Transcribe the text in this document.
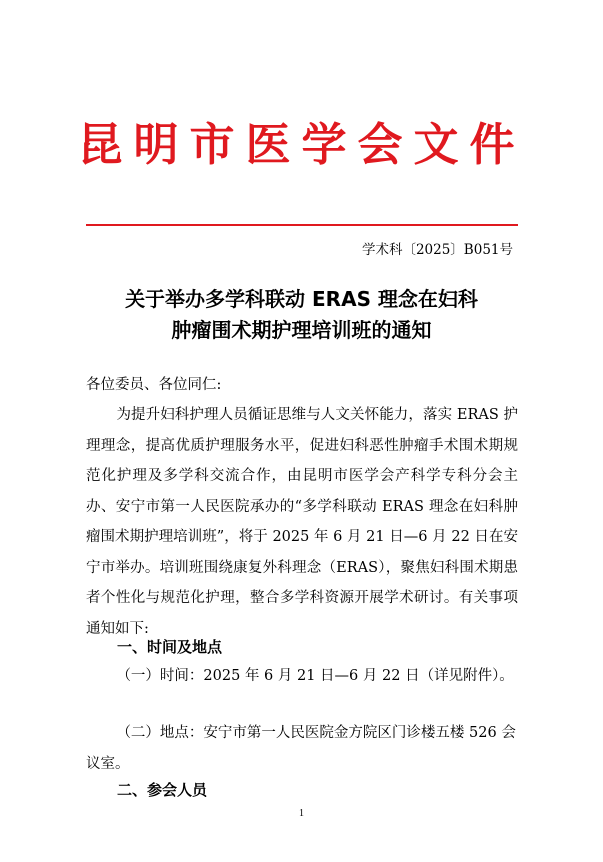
昆明市医学会文件
学术科〔2025〕B051号
关于举办多学科联动 ERAS 理念在妇科
肿瘤围术期护理培训班的通知
各位委员、各位同仁:
为提升妇科护理人员循证思维与人文关怀能力，落实 ERAS 护理理念，提高优质护理服务水平，促进妇科恶性肿瘤手术围术期规范化护理及多学科交流合作，由昆明市医学会产科学专科分会主办、安宁市第一人民医院承办的“多学科联动 ERAS 理念在妇科肿瘤围术期护理培训班”，将于 2025 年 6 月 21 日—6 月 22 日在安宁市举办。培训班围绕康复外科理念（ERAS），聚焦妇科围术期患者个性化与规范化护理，整合多学科资源开展学术研讨。有关事项通知如下:
一、时间及地点
（一）时间：2025 年 6 月 21 日—6 月 22 日（详见附件）。
（二）地点：安宁市第一人民医院金方院区门诊楼五楼 526 会议室。
二、参会人员
1
